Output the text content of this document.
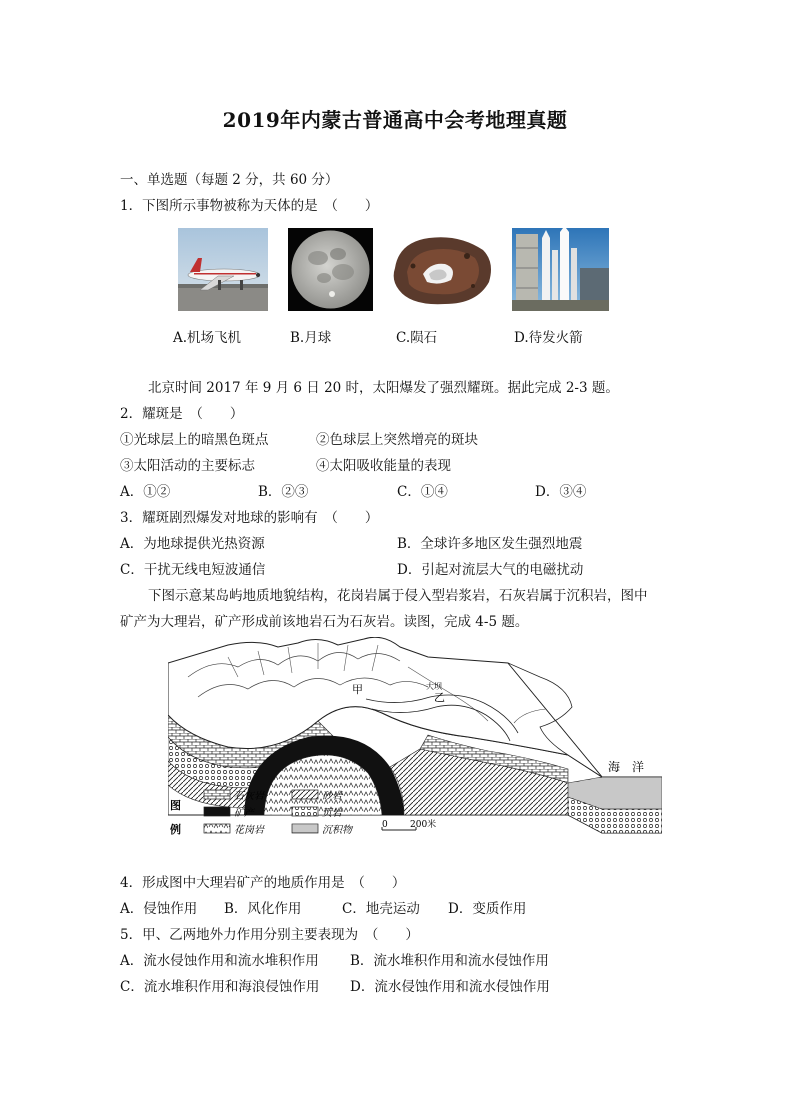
2019年内蒙古普通高中会考地理真题
一、单选题（每题 2 分，共 60 分）
1．下图所示事物被称为天体的是　（　　）
A.机场飞机	B.月球	C.陨石	D.待发火箭
北京时间 2017 年 9 月 6 日 20 时，太阳爆发了强烈耀斑。据此完成 2-3 题。
2．耀斑是　（　　）
①光球层上的暗黑色斑点	②色球层上突然增亮的斑块
③太阳活动的主要标志	④太阳吸收能量的表现
A．①②	B．②③	C．①④	D．③④
3．耀斑剧烈爆发对地球的影响有　（　　）
A．为地球提供光热资源	B．全球许多地区发生强烈地震
C．干扰无线电短波通信	D．引起对流层大气的电磁扰动
下图示意某岛屿地质地貌结构，花岗岩属于侵入型岩浆岩，石灰岩属于沉积岩，图中
矿产为大理岩，矿产形成前该地岩石为石灰岩。读图，完成 4-5 题。
甲
乙
大坝
海　洋
图
例
石灰岩	砂岩
矿产	页岩
花岗岩	沉积物	0 200米
4．形成图中大理岩矿产的地质作用是　（　　）
A．侵蚀作用 B．风化作用	C．地壳运动 D．变质作用
5．甲、乙两地外力作用分别主要表现为　（　　）
A．流水侵蚀作用和流水堆积作用 B．流水堆积作用和流水侵蚀作用
C．流水堆积作用和海浪侵蚀作用 D．流水侵蚀作用和流水侵蚀作用
